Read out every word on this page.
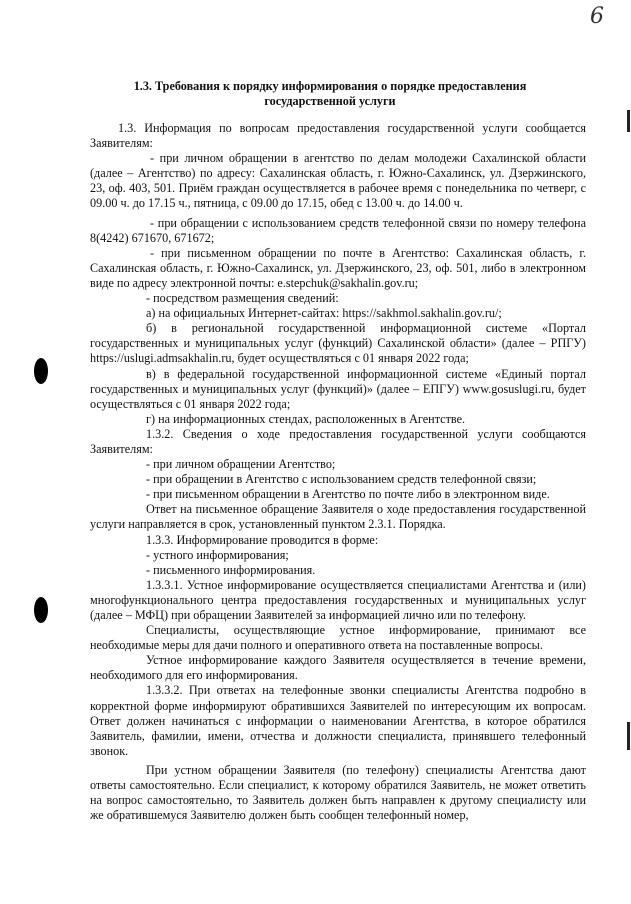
6
1.3. Требования к порядку информирования о порядке предоставления государственной услуги

1.3. Информация по вопросам предоставления государственной услуги сообщается Заявителям:

- при личном обращении в агентство по делам молодежи Сахалинской области (далее – Агентство) по адресу: Сахалинская область, г. Южно-Сахалинск, ул. Дзержинского, 23, оф. 403, 501. Приём граждан осуществляется в рабочее время с понедельника по четверг, с 09.00 ч. до 17.15 ч., пятница, с 09.00 до 17.15, обед с 13.00 ч. до 14.00 ч.

- при обращении с использованием средств телефонной связи по номеру телефона 8(4242) 671670, 671672;

- при письменном обращении по почте в Агентство: Сахалинская область, г. Сахалинская область, г. Южно-Сахалинск, ул. Дзержинского, 23, оф. 501, либо в электронном виде по адресу электронной почты: e.stepchuk@sakhalin.gov.ru;

- посредством размещения сведений:

а) на официальных Интернет-сайтах: https://sakhmol.sakhalin.gov.ru/;

б) в региональной государственной информационной системе «Портал государственных и муниципальных услуг (функций) Сахалинской области» (далее – РПГУ) https://uslugi.admsakhalin.ru, будет осуществляться с 01 января 2022 года;

в) в федеральной государственной информационной системе «Единый портал государственных и муниципальных услуг (функций)» (далее – ЕПГУ) www.gosuslugi.ru, будет осуществляться с 01 января 2022 года;

г) на информационных стендах, расположенных в Агентстве.

1.3.2. Сведения о ходе предоставления государственной услуги сообщаются Заявителям:

- при личном обращении Агентство;

- при обращении в Агентство с использованием средств телефонной связи;

- при письменном обращении в Агентство по почте либо в электронном виде.

Ответ на письменное обращение Заявителя о ходе предоставления государственной услуги направляется в срок, установленный пунктом 2.3.1. Порядка.

1.3.3. Информирование проводится в форме:

- устного информирования;

- письменного информирования.

1.3.3.1. Устное информирование осуществляется специалистами Агентства и (или) многофункционального центра предоставления государственных и муниципальных услуг (далее – МФЦ) при обращении Заявителей за информацией лично или по телефону.

Специалисты, осуществляющие устное информирование, принимают все необходимые меры для дачи полного и оперативного ответа на поставленные вопросы.

Устное информирование каждого Заявителя осуществляется в течение времени, необходимого для его информирования.

1.3.3.2. При ответах на телефонные звонки специалисты Агентства подробно в корректной форме информируют обратившихся Заявителей по интересующим их вопросам. Ответ должен начинаться с информации о наименовании Агентства, в которое обратился Заявитель, фамилии, имени, отчества и должности специалиста, принявшего телефонный звонок.

При устном обращении Заявителя (по телефону) специалисты Агентства дают ответы самостоятельно. Если специалист, к которому обратился Заявитель, не может ответить на вопрос самостоятельно, то Заявитель должен быть направлен к другому специалисту или же обратившемуся Заявителю должен быть сообщен телефонный номер,
